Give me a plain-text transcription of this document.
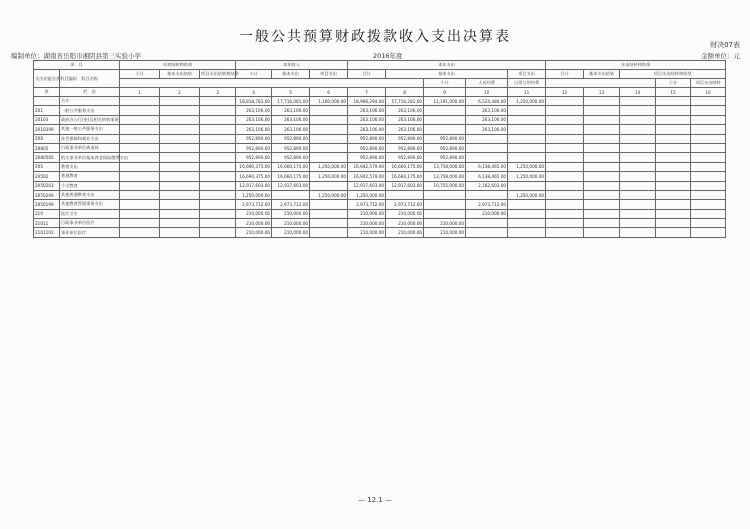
一般公共预算财政拨款收入支出决算表	财决07表
编制单位：湖南省岳阳市湘阴县第三实验小学	2016年度	金额单位：元
项　目		年初结转和结余			本年收入			本年支出					年末结转和结余					
支出功能分类科目编码	科目名称	小计	基本支出结转	项目支出结转和结余	小计	基本支出	项目支出	合计	基本支出			项目支出	合计	基本支出结转	项目支出结转和结余			
										小计	人员经费	日常公用经费				小计	项目支出结转	
类	栏　次	1	2	3	4	5	6	7	8	9	10	11	12	13	14	15	16	
	合计				18,818,783.00	17,716,081.00	1,100,000.00	18,966,294.00	17,716,281.00	11,191,000.00	6,524,484.00	1,250,000.00						
201	一般公共服务支出				263,106.00	263,106.00		263,106.00	263,106.00		263,106.00							
20103	政府办公厅(室)及相关机构事务				263,106.00	263,106.00		263,106.00	263,106.00		263,106.00							
2010399	其他一般公共服务支出				263,106.00	263,106.00		263,106.00	263,106.00		263,106.00							
208	社会保障和就业支出				952,890.00	952,890.00		952,890.00	952,890.00	952,890.00								
20805	行政事业单位离退休				952,890.00	952,890.00		952,890.00	952,890.00	952,890.00								
2080505	机关事业单位基本养老保险缴费支出				952,890.00	952,890.00		952,890.00	952,890.00	952,890.00								
205	教育支出				16,690,375.00	16,660,175.00	1,250,000.00	16,942,579.00	16,660,175.00	13,758,000.00	6,138,465.00	1,250,000.00						
20502	普通教育				16,690,375.00	16,660,175.00	1,250,000.00	16,942,579.00	16,660,175.00	13,758,000.00	6,138,465.00	1,250,000.00						
2050203	小学教育				12,917,603.00	12,917,603.00		12,917,603.00	12,917,603.00	10,755,000.00	2,162,603.00							
2050299	其他普通教育支出				1,250,000.00		1,250,000.00	1,250,000.00				1,250,000.00						
2050199	其他教育管理事务支出				2,973,712.00	2,973,712.00		2,973,712.00	2,973,712.00		2,973,712.00							
210	医疗卫生				210,000.00	210,000.00		210,000.00	210,000.00		210,000.00							
21011	行政事业单位医疗				210,000.00	210,000.00		210,000.00	210,000.00	210,000.00								
2101102	事业单位医疗				210,000.00	210,000.00		210,000.00	210,000.00	210,000.00								
— 12.1 —
